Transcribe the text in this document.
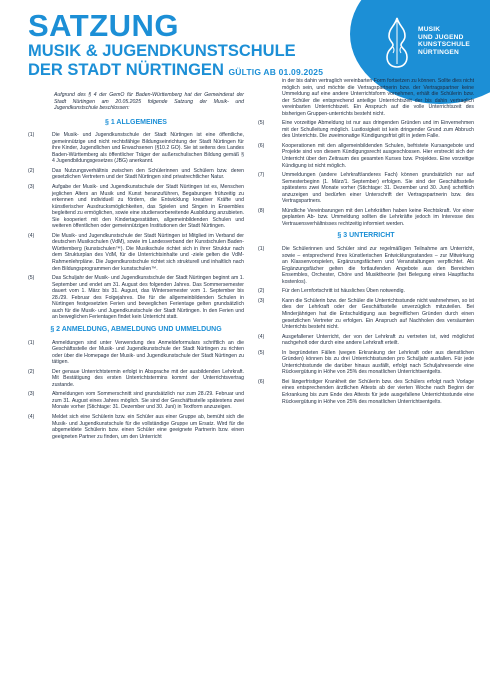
MUSIK
UND JUGEND
KUNSTSCHULE
NÜRTINGEN
SATZUNG
MUSIK & JUGENDKUNSTSCHULE
DER STADT NÜRTINGEN GÜLTIG AB 01.09.2025

Aufgrund des § 4 der GemO für Baden-Württemberg hat der Gemeinderat der Stadt Nürtingen am 20.05.2025 folgende Satzung der Musik- und Jugendkunstschule beschlossen:

§ 1 ALLGEMEINES
(1)	Die Musik- und Jugendkunstschule der Stadt Nürtingen ist eine öffentliche, gemeinnützige und nicht rechtsfähige Bildungseinrichtung der Stadt Nürtingen für ihre Kinder, Jugendlichen und Erwachsenen (§10.2 GO). Sie ist seitens des Landes Baden-Württemberg als öffentlicher Träger der außerschulischen Bildung gemäß § 4 Jugendbildungsgesetzes (JBG) anerkannt.
(2)	Das Nutzungsverhältnis zwischen den Schülerinnen und Schülern bzw. deren gesetzlichen Vertretern und der Stadt Nürtingen sind privatrechtlicher Natur.
(3)	Aufgabe der Musik- und Jugendkunstschule der Stadt Nürtingen ist es, Menschen jeglichen Alters an Musik und Kunst heranzuführen, Begabungen frühzeitig zu erkennen und individuell zu fördern, die Entwicklung kreativer Kräfte und künstlerischer Ausdrucksmöglichkeiten, das Spielen und Singen in Ensembles begleitend zu ermöglichen, sowie eine studienvorbereitende Ausbildung anzubieten. Sie kooperiert mit den Kindertagesstätten, allgemeinbildenden Schulen und weiteren öffentlichen oder gemeinnützigen Institutionen der Stadt Nürtingen.
(4)	Die Musik- und Jugendkunstschule der Stadt Nürtingen ist Mitglied im Verband der deutschen Musikschulen (VdM), sowie im Landesverband der Kunstschulen Baden-Württemberg (kunstschulen™). Die Musikschule richtet sich in ihrer Struktur nach dem Strukturplan des VdM, für die Unterrichtsinhalte und -ziele gelten die VdM-Rahmenlehrpläne. Die Jugendkunstschule richtet sich strukturell und inhaltlich nach den Bildungsprogrammen der kunstschulen™.
(5)	Das Schuljahr der Musik- und Jugendkunstschule der Stadt Nürtingen beginnt am 1. September und endet am 31. August des folgenden Jahres. Das Sommersemester dauert vom 1. März bis 31. August, das Wintersemester vom 1. September bis 28./29. Februar des Folgejahres. Die für die allgemeinbildenden Schulen in Nürtingen festgesetzten Ferien und beweglichen Ferientage gelten grundsätzlich auch für die Musik- und Jugendkunstschule der Stadt Nürtingen. In den Ferien und an beweglichen Ferientagen findet kein Unterricht statt.
§ 2 ANMELDUNG, ABMELDUNG UND UMMELDUNG
(1)	Anmeldungen sind unter Verwendung des Anmeldeformulars schriftlich an die Geschäftsstelle der Musik- und Jugendkunstschule der Stadt Nürtingen zu richten oder über die Homepage der Musik- und Jugendkunstschule der Stadt Nürtingen zu tätigen.
(2)	Der genaue Unterrichtstermin erfolgt in Absprache mit der ausbildenden Lehrkraft. Mit Bestätigung des ersten Unterrichtstermins kommt der Unterrichtsvertrag zustande.
(3)	Abmeldungen vom Sommerschnitt sind grundsätzlich nur zum 28./29. Februar und zum 31. August eines Jahres möglich. Sie sind der Geschäftsstelle spätestens zwei Monate vorher (Stichtage: 31. Dezember und 30. Juni) in Textform anzuzeigen.
(4)	Meldet sich eine Schülerin bzw. ein Schüler aus einer Gruppe ab, bemüht sich die Musik- und Jugendkunstschule für die vollständige Gruppe um Ersatz. Wird für die abgemeldete Schülerin bzw. einen Schüler eine geeignete Partnerin bzw. einen geeigneten Partner zu finden, um den Unterricht
in der bis dahin vertraglich vereinbarten Form fortsetzen zu können. Sollte dies nicht möglich sein, und möchte die Vertragspartnerin bzw. der Vertragspartner keine Ummeldung auf eine andere Unterrichtsform vornehmen, erhält die Schülerin bzw. der Schüler die entsprechend anteilige Unterrichtszeit der bis dahin vertraglich vereinbarten Unterrichtszeit. Ein Anspruch auf die volle Unterrichtszeit des bisherigen Gruppen-unterrichts besteht nicht.
(5)	Eine vorzeitige Abmeldung ist nur aus dringenden Gründen und im Einvernehmen mit der Schulleitung möglich. Lustlosigkeit ist kein dringender Grund zum Abbruch des Unterrichts. Die zweimonatige Kündigungsfrist gilt in jedem Falle.
(6)	Kooperationen mit den allgemeinbildenden Schulen, befristete Kursangebote und Projekte sind von diesem Kündigungsrecht ausgeschlossen. Hier erstreckt sich der Unterricht über den Zeitraum des gesamten Kurses bzw. Projektes. Eine vorzeitige Kündigung ist nicht möglich.
(7)	Ummeldungen (andere Lehrkraft/anderes Fach) können grundsätzlich nur auf Semesterbeginn (1. März/1. September) erfolgen. Sie sind der Geschäftsstelle spätestens zwei Monate vorher (Stichtage: 31. Dezember und 30. Juni) schriftlich anzuzeigen und bedürfen einer Unterschrift der Vertragspartnerin bzw. des Vertragspartners.
(8)	Mündliche Vereinbarungen mit den Lehrkräften haben keine Rechtskraft. Vor einer geplanten Ab- bzw. Ummeldung sollten die Lehrkräfte jedoch im Interesse des Vertrauensverhältnisses rechtzeitig informiert werden.
§ 3 UNTERRICHT
(1)	Die Schülerinnen und Schüler sind zur regelmäßigen Teilnahme am Unterricht, sowie – entsprechend ihres künstlerischen Entwicklungsstandes – zur Mitwirkung an Klassenvorspielen, Ergänzungsfächern und Veranstaltungen verpflichtet. Als Ergänzungsfächer gelten die fortlaufenden Angebote aus den Bereichen Ensembles, Orchester, Chöre und Musiktheorie (bei Belegung eines Hauptfachs kostenlos).
(2)	Für den Lernfortschritt ist häusliches Üben notwendig.
(3)	Kann die Schülerin bzw. der Schüler die Unterrichtsstunde nicht wahrnehmen, so ist dies der Lehrkraft oder der Geschäftsstelle unverzüglich mitzuteilen. Bei Minderjährigen hat die Entschuldigung aus begreiflichen Gründen durch einen gesetzlichen Vertreter zu erfolgen. Ein Anspruch auf Nachholen des versäumten Unterrichts besteht nicht.
(4)	Ausgefallener Unterricht, der von der Lehrkraft zu vertreten ist, wird möglichst nachgeholt oder durch eine andere Lehrkraft erteilt.
(5)	In begründeten Fällen (wegen Erkrankung der Lehrkraft oder aus dienstlichen Gründen) können bis zu drei Unterrichtsstunden pro Schuljahr ausfallen. Für jede Unterrichtsstunde die darüber hinaus ausfällt, erfolgt nach Schuljahresende eine Rückvergütung in Höhe von 25% des monatlichen Unterrichtsentgelts.
(6)	Bei längerfristiger Krankheit der Schülerin bzw. des Schülers erfolgt nach Vorlage eines entsprechenden ärztlichen Attests ab der vierten Woche nach Beginn der Erkrankung bis zum Ende des Attests für jede ausgefallene Unterrichtsstunde eine Rückvergütung in Höhe von 25% des monatlichen Unterrichtsentgelts.
